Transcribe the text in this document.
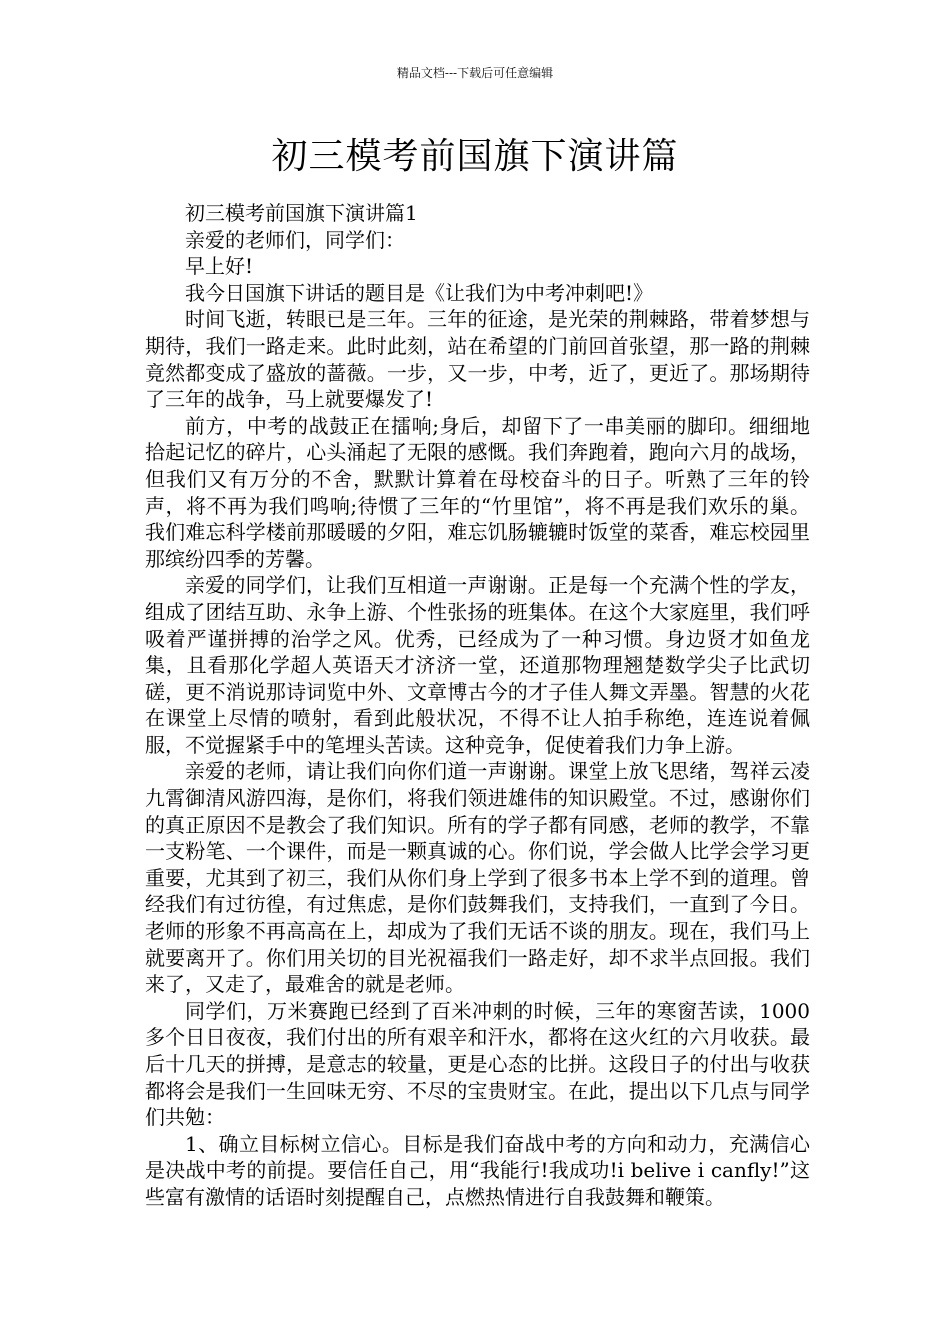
精品文档---下载后可任意编辑
初三模考前国旗下演讲篇

初三模考前国旗下演讲篇1

亲爱的老师们，同学们：

早上好!

我今日国旗下讲话的题目是《让我们为中考冲刺吧!》

时间飞逝，转眼已是三年。三年的征途，是光荣的荆棘路，带着梦想与期待，我们一路走来。此时此刻，站在希望的门前回首张望，那一路的荆棘竟然都变成了盛放的蔷薇。一步，又一步，中考，近了，更近了。那场期待了三年的战争，马上就要爆发了!

前方，中考的战鼓正在擂响;身后，却留下了一串美丽的脚印。细细地拾起记忆的碎片，心头涌起了无限的感慨。我们奔跑着，跑向六月的战场，但我们又有万分的不舍，默默计算着在母校奋斗的日子。听熟了三年的铃声，将不再为我们鸣响;待惯了三年的“竹里馆”，将不再是我们欢乐的巢。我们难忘科学楼前那暖暖的夕阳，难忘饥肠辘辘时饭堂的菜香，难忘校园里那缤纷四季的芳馨。

亲爱的同学们，让我们互相道一声谢谢。正是每一个充满个性的学友，组成了团结互助、永争上游、个性张扬的班集体。在这个大家庭里，我们呼吸着严谨拼搏的治学之风。优秀，已经成为了一种习惯。身边贤才如鱼龙集，且看那化学超人英语天才济济一堂，还道那物理翘楚数学尖子比武切磋，更不消说那诗词览中外、文章博古今的才子佳人舞文弄墨。智慧的火花在课堂上尽情的喷射，看到此般状况，不得不让人拍手称绝，连连说着佩服，不觉握紧手中的笔埋头苦读。这种竞争，促使着我们力争上游。

亲爱的老师，请让我们向你们道一声谢谢。课堂上放飞思绪，驾祥云凌九霄御清风游四海，是你们，将我们领进雄伟的知识殿堂。不过，感谢你们的真正原因不是教会了我们知识。所有的学子都有同感，老师的教学，不靠一支粉笔、一个课件，而是一颗真诚的心。你们说，学会做人比学会学习更重要，尤其到了初三，我们从你们身上学到了很多书本上学不到的道理。曾经我们有过彷徨，有过焦虑，是你们鼓舞我们，支持我们，一直到了今日。老师的形象不再高高在上，却成为了我们无话不谈的朋友。现在，我们马上就要离开了。你们用关切的目光祝福我们一路走好，却不求半点回报。我们来了，又走了，最难舍的就是老师。

同学们，万米赛跑已经到了百米冲刺的时候，三年的寒窗苦读，1000多个日日夜夜，我们付出的所有艰辛和汗水，都将在这火红的六月收获。最后十几天的拼搏，是意志的较量，更是心态的比拼。这段日子的付出与收获都将会是我们一生回味无穷、不尽的宝贵财宝。在此，提出以下几点与同学们共勉：

1、确立目标树立信心。目标是我们奋战中考的方向和动力，充满信心是决战中考的前提。要信任自己，用“我能行!我成功!i belive i canfly!”这些富有激情的话语时刻提醒自己，点燃热情进行自我鼓舞和鞭策。
